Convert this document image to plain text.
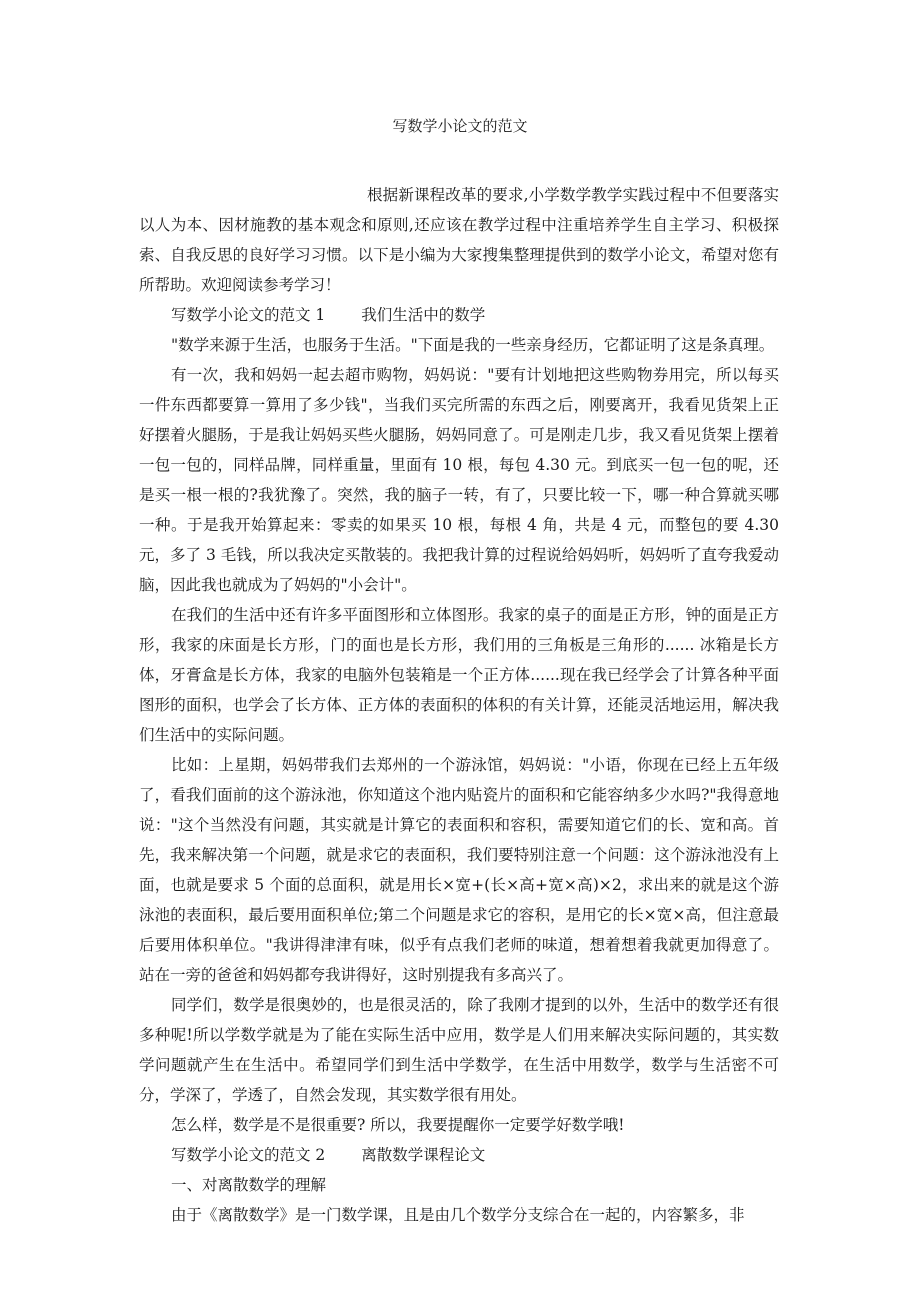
写数学小论文的范文

根据新课程改革的要求,小学数学教学实践过程中不但要落实以人为本、因材施教的基本观念和原则,还应该在教学过程中注重培养学生自主学习、积极探索、自我反思的良好学习习惯。以下是小编为大家搜集整理提供到的数学小论文，希望对您有所帮助。欢迎阅读参考学习！

写数学小论文的范文 1 我们生活中的数学

"数学来源于生活，也服务于生活。"下面是我的一些亲身经历，它都证明了这是条真理。

有一次，我和妈妈一起去超市购物，妈妈说："要有计划地把这些购物券用完，所以每买一件东西都要算一算用了多少钱"，当我们买完所需的东西之后，刚要离开，我看见货架上正好摆着火腿肠，于是我让妈妈买些火腿肠，妈妈同意了。可是刚走几步，我又看见货架上摆着一包一包的，同样品牌，同样重量，里面有 10 根，每包 4.30 元。到底买一包一包的呢，还是买一根一根的?我犹豫了。突然，我的脑子一转，有了，只要比较一下，哪一种合算就买哪一种。于是我开始算起来：零卖的如果买 10 根，每根 4 角，共是 4 元，而整包的要 4.30 元，多了 3 毛钱，所以我决定买散装的。我把我计算的过程说给妈妈听，妈妈听了直夸我爱动脑，因此我也就成为了妈妈的"小会计"。

在我们的生活中还有许多平面图形和立体图形。我家的桌子的面是正方形，钟的面是正方形，我家的床面是长方形，门的面也是长方形，我们用的三角板是三角形的...... 冰箱是长方体，牙膏盒是长方体，我家的电脑外包装箱是一个正方体......现在我已经学会了计算各种平面图形的面积，也学会了长方体、正方体的表面积的体积的有关计算，还能灵活地运用，解决我们生活中的实际问题。

比如：上星期，妈妈带我们去郑州的一个游泳馆，妈妈说："小语，你现在已经上五年级了，看我们面前的这个游泳池，你知道这个池内贴瓷片的面积和它能容纳多少水吗?"我得意地说："这个当然没有问题，其实就是计算它的表面积和容积，需要知道它们的长、宽和高。首先，我来解决第一个问题，就是求它的表面积，我们要特别注意一个问题：这个游泳池没有上面，也就是要求 5 个面的总面积，就是用长×宽+(长×高+宽×高)×2，求出来的就是这个游泳池的表面积，最后要用面积单位;第二个问题是求它的容积，是用它的长×宽×高，但注意最后要用体积单位。"我讲得津津有味，似乎有点我们老师的味道，想着想着我就更加得意了。站在一旁的爸爸和妈妈都夸我讲得好，这时别提我有多高兴了。

同学们，数学是很奥妙的，也是很灵活的，除了我刚才提到的以外，生活中的数学还有很多种呢!所以学数学就是为了能在实际生活中应用，数学是人们用来解决实际问题的，其实数学问题就产生在生活中。希望同学们到生活中学数学，在生活中用数学，数学与生活密不可分，学深了，学透了，自然会发现，其实数学很有用处。

怎么样，数学是不是很重要? 所以，我要提醒你一定要学好数学哦!

写数学小论文的范文 2 离散数学课程论文

一、对离散数学的理解

由于《离散数学》是一门数学课，且是由几个数学分支综合在一起的，内容繁多，非
